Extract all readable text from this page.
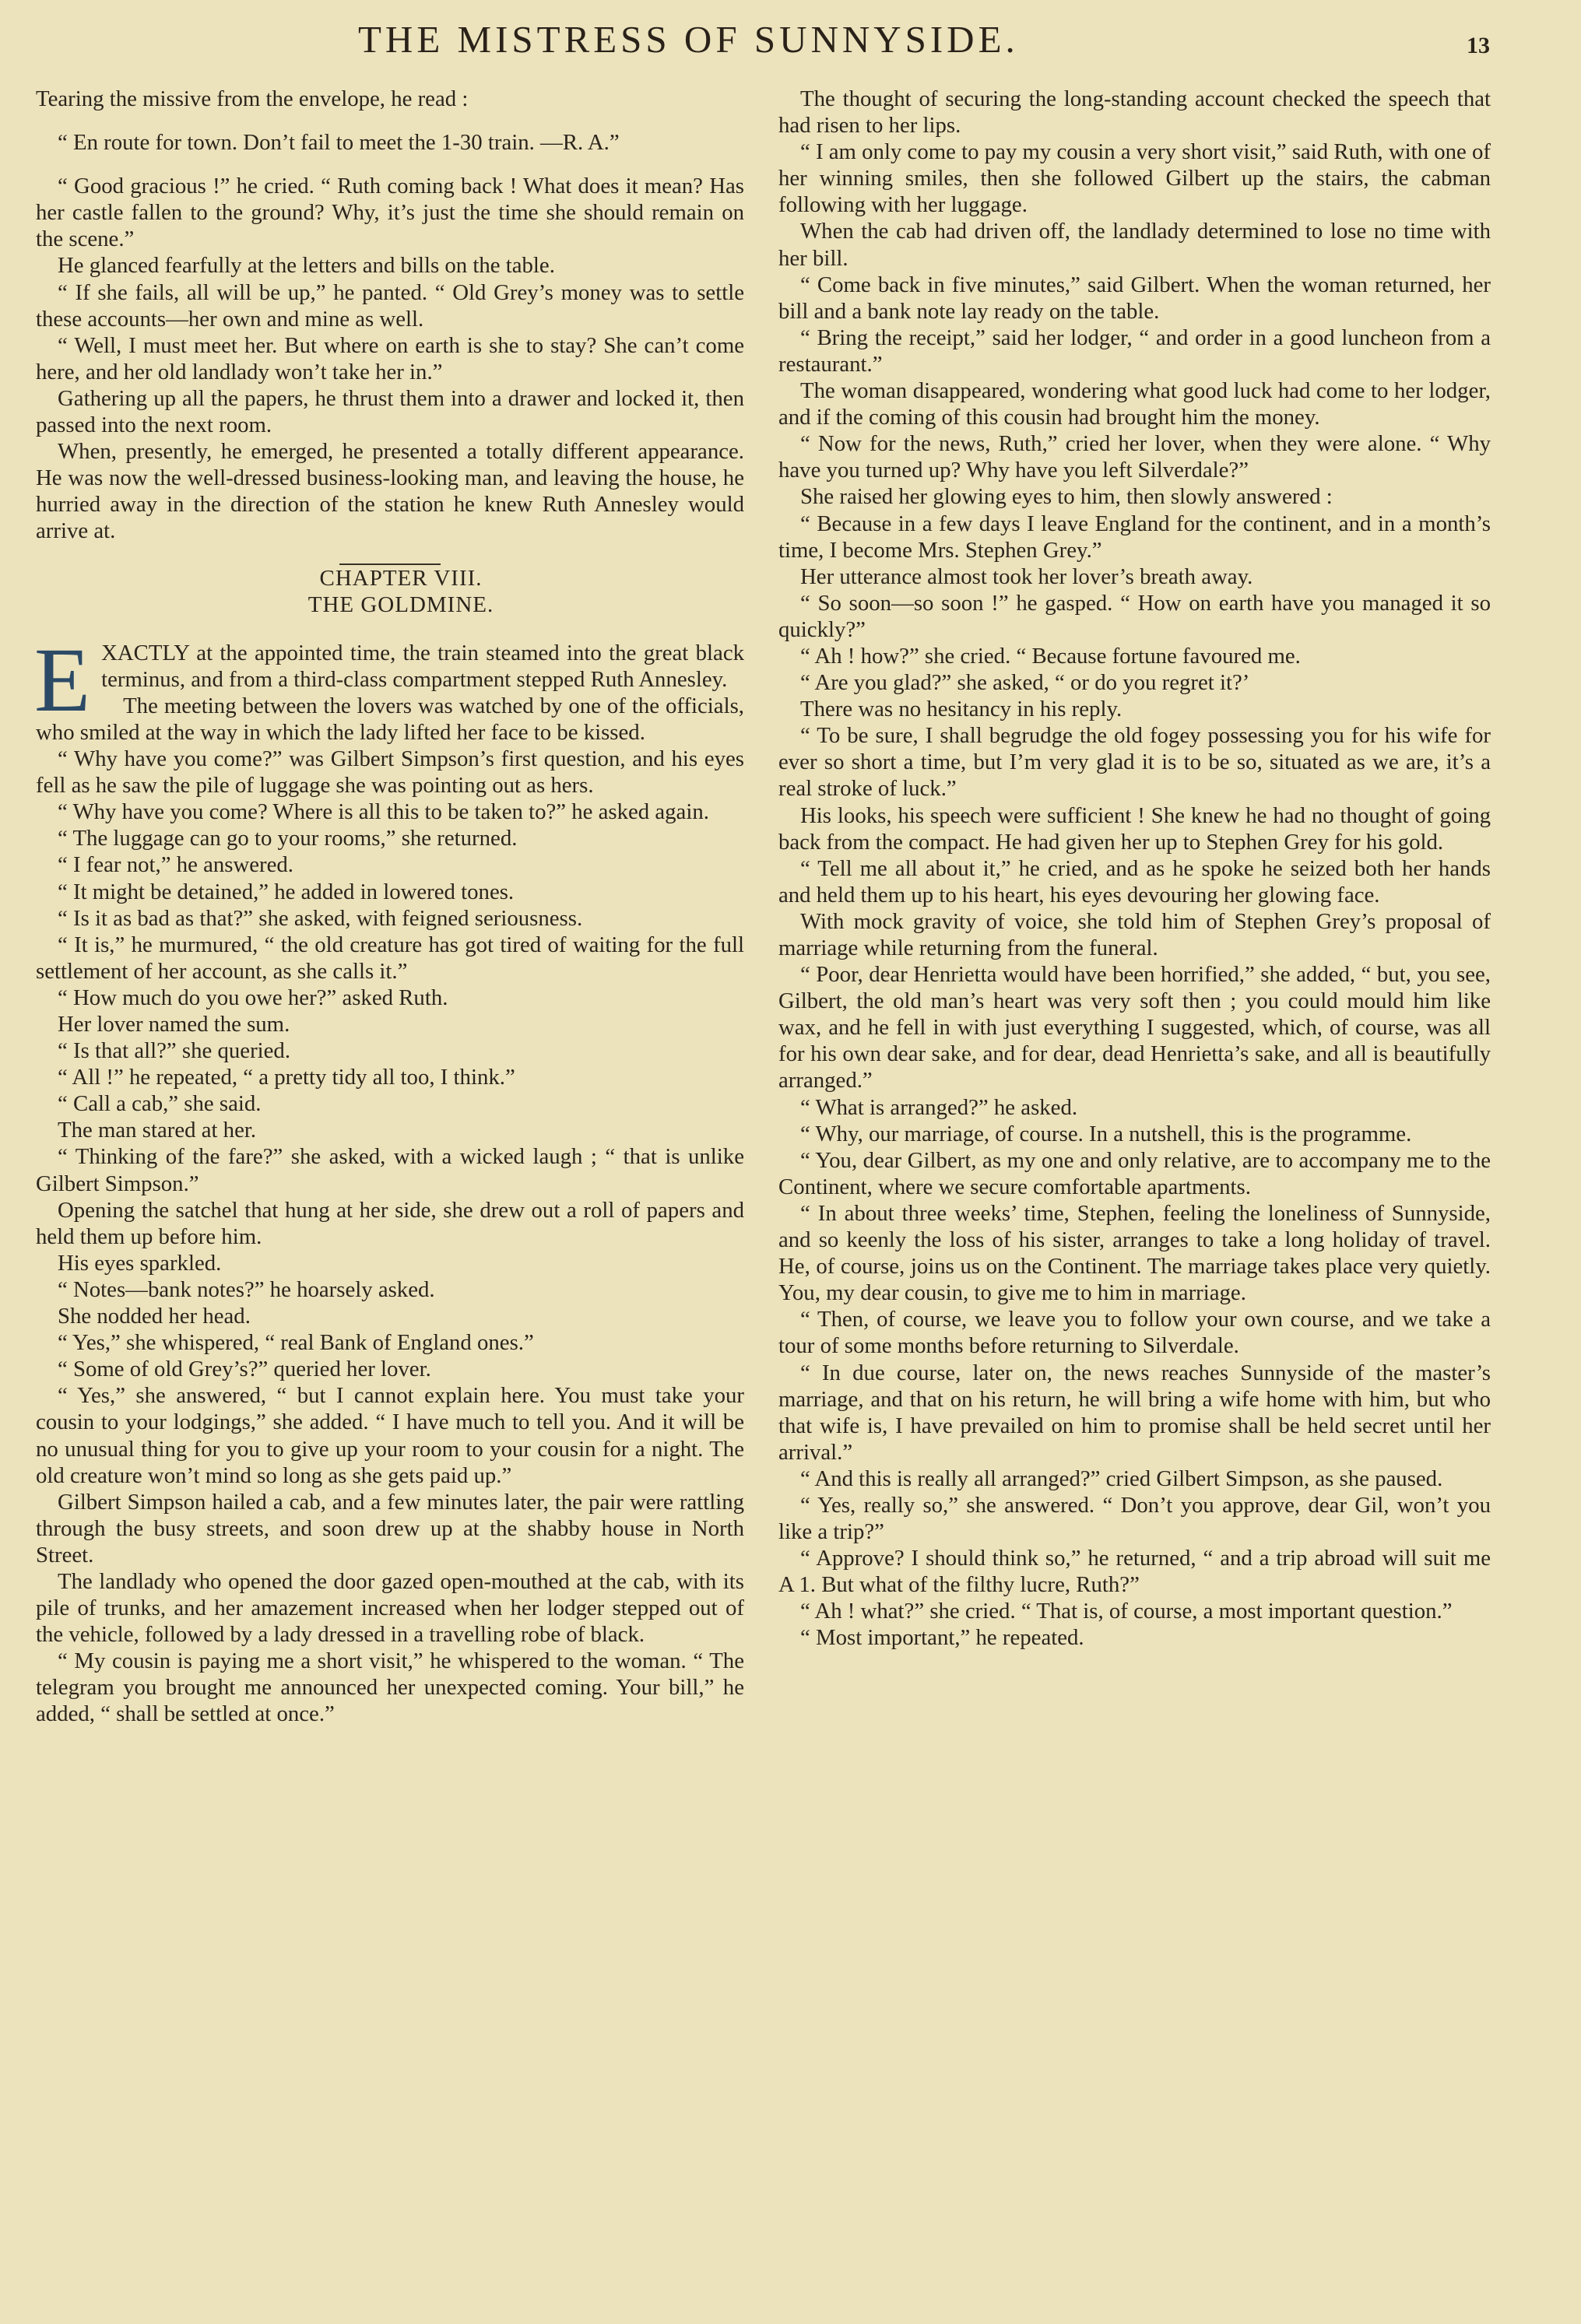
THE MISTRESS OF SUNNYSIDE.	13

Tearing the missive from the envelope, he read :

“ En route for town. Don’t fail to meet the 1-30 train. —R. A.”

“ Good gracious !” he cried. “ Ruth coming back ! What does it mean? Has her castle fallen to the ground? Why, it’s just the time she should remain on the scene.”

He glanced fearfully at the letters and bills on the table.

“ If she fails, all will be up,” he panted. “ Old Grey’s money was to settle these accounts—her own and mine as well.

“ Well, I must meet her. But where on earth is she to stay? She can’t come here, and her old landlady won’t take her in.”

Gathering up all the papers, he thrust them into a drawer and locked it, then passed into the next room.

When, presently, he emerged, he presented a totally different appearance. He was now the well-dressed business-looking man, and leaving the house, he hurried away in the direction of the station he knew Ruth Annesley would arrive at.

CHAPTER VIII.

THE GOLDMINE.

EXACTLY at the appointed time, the train steamed into the great black terminus, and from a third-class compartment stepped Ruth Annesley.

The meeting between the lovers was watched by one of the officials, who smiled at the way in which the lady lifted her face to be kissed.

“ Why have you come?” was Gilbert Simpson’s first question, and his eyes fell as he saw the pile of luggage she was pointing out as hers.

“ Why have you come? Where is all this to be taken to?” he asked again.

“ The luggage can go to your rooms,” she returned.

“ I fear not,” he answered.

“ It might be detained,” he added in lowered tones.

“ Is it as bad as that?” she asked, with feigned seriousness.

“ It is,” he murmured, “ the old creature has got tired of waiting for the full settlement of her account, as she calls it.”

“ How much do you owe her?” asked Ruth.

Her lover named the sum.

“ Is that all?” she queried.

“ All !” he repeated, “ a pretty tidy all too, I think.”

“ Call a cab,” she said.

The man stared at her.

“ Thinking of the fare?” she asked, with a wicked laugh ; “ that is unlike Gilbert Simpson.”

Opening the satchel that hung at her side, she drew out a roll of papers and held them up before him.

His eyes sparkled.

“ Notes—bank notes?” he hoarsely asked.

She nodded her head.

“ Yes,” she whispered, “ real Bank of England ones.”

“ Some of old Grey’s?” queried her lover.

“ Yes,” she answered, “ but I cannot explain here. You must take your cousin to your lodgings,” she added. “ I have much to tell you. And it will be no unusual thing for you to give up your room to your cousin for a night. The old creature won’t mind so long as she gets paid up.”

Gilbert Simpson hailed a cab, and a few minutes later, the pair were rattling through the busy streets, and soon drew up at the shabby house in North Street.

The landlady who opened the door gazed open-mouthed at the cab, with its pile of trunks, and her amazement increased when her lodger stepped out of the vehicle, followed by a lady dressed in a travelling robe of black.

“ My cousin is paying me a short visit,” he whispered to the woman. “ The telegram you brought me announced her unexpected coming. Your bill,” he added, “ shall be settled at once.”

The thought of securing the long-standing account checked the speech that had risen to her lips.

“ I am only come to pay my cousin a very short visit,” said Ruth, with one of her winning smiles, then she followed Gilbert up the stairs, the cabman following with her luggage.

When the cab had driven off, the landlady determined to lose no time with her bill.

“ Come back in five minutes,” said Gilbert. When the woman returned, her bill and a bank note lay ready on the table.

“ Bring the receipt,” said her lodger, “ and order in a good luncheon from a restaurant.”

The woman disappeared, wondering what good luck had come to her lodger, and if the coming of this cousin had brought him the money.

“ Now for the news, Ruth,” cried her lover, when they were alone. “ Why have you turned up? Why have you left Silverdale?”

She raised her glowing eyes to him, then slowly answered :

“ Because in a few days I leave England for the continent, and in a month’s time, I become Mrs. Stephen Grey.”

Her utterance almost took her lover’s breath away.

“ So soon—so soon !” he gasped. “ How on earth have you managed it so quickly?”

“ Ah ! how?” she cried. “ Because fortune favoured me.

“ Are you glad?” she asked, “ or do you regret it?’

There was no hesitancy in his reply.

“ To be sure, I shall begrudge the old fogey possessing you for his wife for ever so short a time, but I’m very glad it is to be so, situated as we are, it’s a real stroke of luck.”

His looks, his speech were sufficient ! She knew he had no thought of going back from the compact. He had given her up to Stephen Grey for his gold.

“ Tell me all about it,” he cried, and as he spoke he seized both her hands and held them up to his heart, his eyes devouring her glowing face.

With mock gravity of voice, she told him of Stephen Grey’s proposal of marriage while returning from the funeral.

“ Poor, dear Henrietta would have been horrified,” she added, “ but, you see, Gilbert, the old man’s heart was very soft then ; you could mould him like wax, and he fell in with just everything I suggested, which, of course, was all for his own dear sake, and for dear, dead Henrietta’s sake, and all is beautifully arranged.”

“ What is arranged?” he asked.

“ Why, our marriage, of course. In a nutshell, this is the programme.

“ You, dear Gilbert, as my one and only relative, are to accompany me to the Continent, where we secure comfortable apartments.

“ In about three weeks’ time, Stephen, feeling the loneliness of Sunnyside, and so keenly the loss of his sister, arranges to take a long holiday of travel. He, of course, joins us on the Continent. The marriage takes place very quietly. You, my dear cousin, to give me to him in marriage.

“ Then, of course, we leave you to follow your own course, and we take a tour of some months before returning to Silverdale.

“ In due course, later on, the news reaches Sunnyside of the master’s marriage, and that on his return, he will bring a wife home with him, but who that wife is, I have prevailed on him to promise shall be held secret until her arrival.”

“ And this is really all arranged?” cried Gilbert Simpson, as she paused.

“ Yes, really so,” she answered. “ Don’t you approve, dear Gil, won’t you like a trip?”

“ Approve? I should think so,” he returned, “ and a trip abroad will suit me A 1. But what of the filthy lucre, Ruth?”

“ Ah ! what?” she cried. “ That is, of course, a most important question.”

“ Most important,” he repeated.
